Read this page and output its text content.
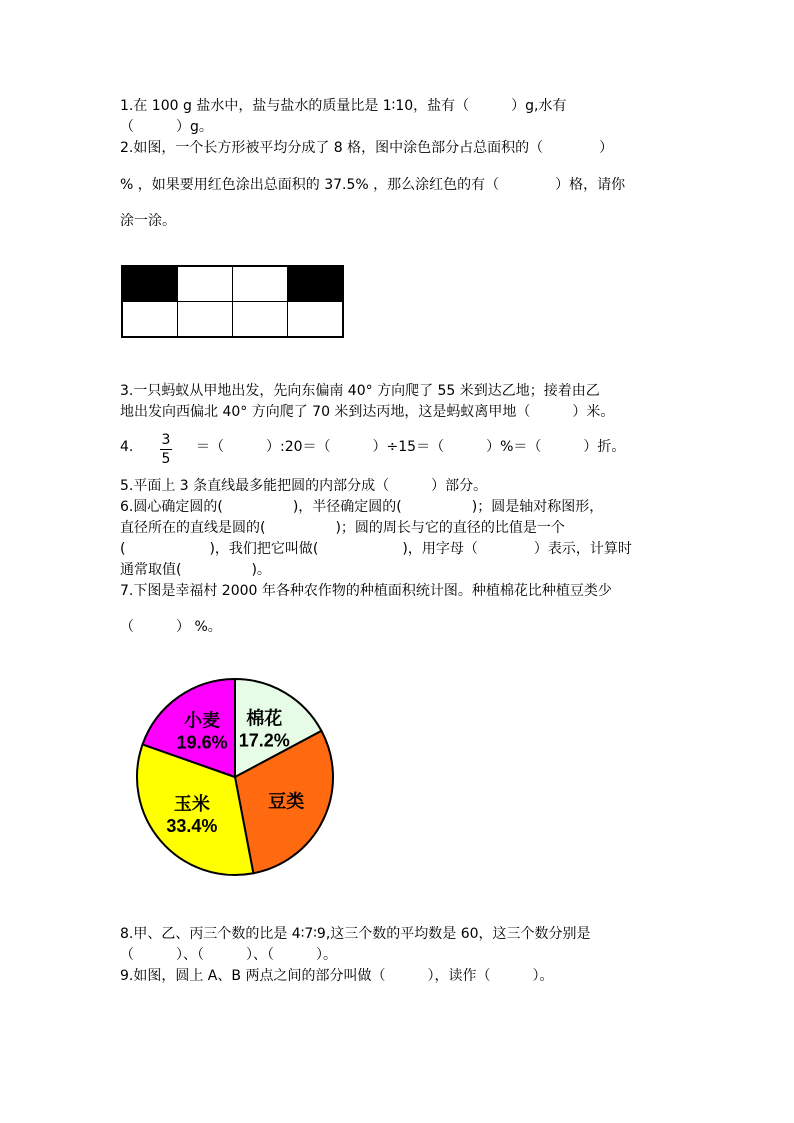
1.在 100 g 盐水中，盐与盐水的质量比是 1∶10，盐有（　　　）g,水有
（　　　）g。
2.如图，一个长方形被平均分成了 8 格，图中涂色部分占总面积的（　　　　）
% ，如果要用红色涂出总面积的 37.5% ，那么涂红色的有（　　　　）格，请你
涂一涂。

3.一只蚂蚁从甲地出发，先向东偏南 40° 方向爬了 55 米到达乙地；接着由乙
地出发向西偏北 40° 方向爬了 70 米到达丙地，这是蚂蚁离甲地（　　　）米。
4. 3
5
＝（　　　）:20＝（　　　）÷15＝（　　　）%＝（　　　）折。
5.平面上 3 条直线最多能把圆的内部分成（　　　）部分。
6.圆心确定圆的(　　　　　)，半径确定圆的(　　　　　)；圆是轴对称图形，
直径所在的直线是圆的(　　　　　)；圆的周长与它的直径的比值是一个
(　　　　　　)，我们把它叫做(　　　　　　)，用字母（　　　　）表示，计算时
通常取值(　　　　　)。
7.下图是幸福村 2000 年各种农作物的种植面积统计图。种植棉花比种植豆类少
（　　　） %。
棉花
17.2%
豆类
玉米
33.4%
小麦
19.6%
8.甲、乙、丙三个数的比是 4∶7∶9,这三个数的平均数是 60，这三个数分别是
（　　　）、（　　　）、（　　　）。
9.如图，圆上 A、B 两点之间的部分叫做（　　　），读作（　　　）。
